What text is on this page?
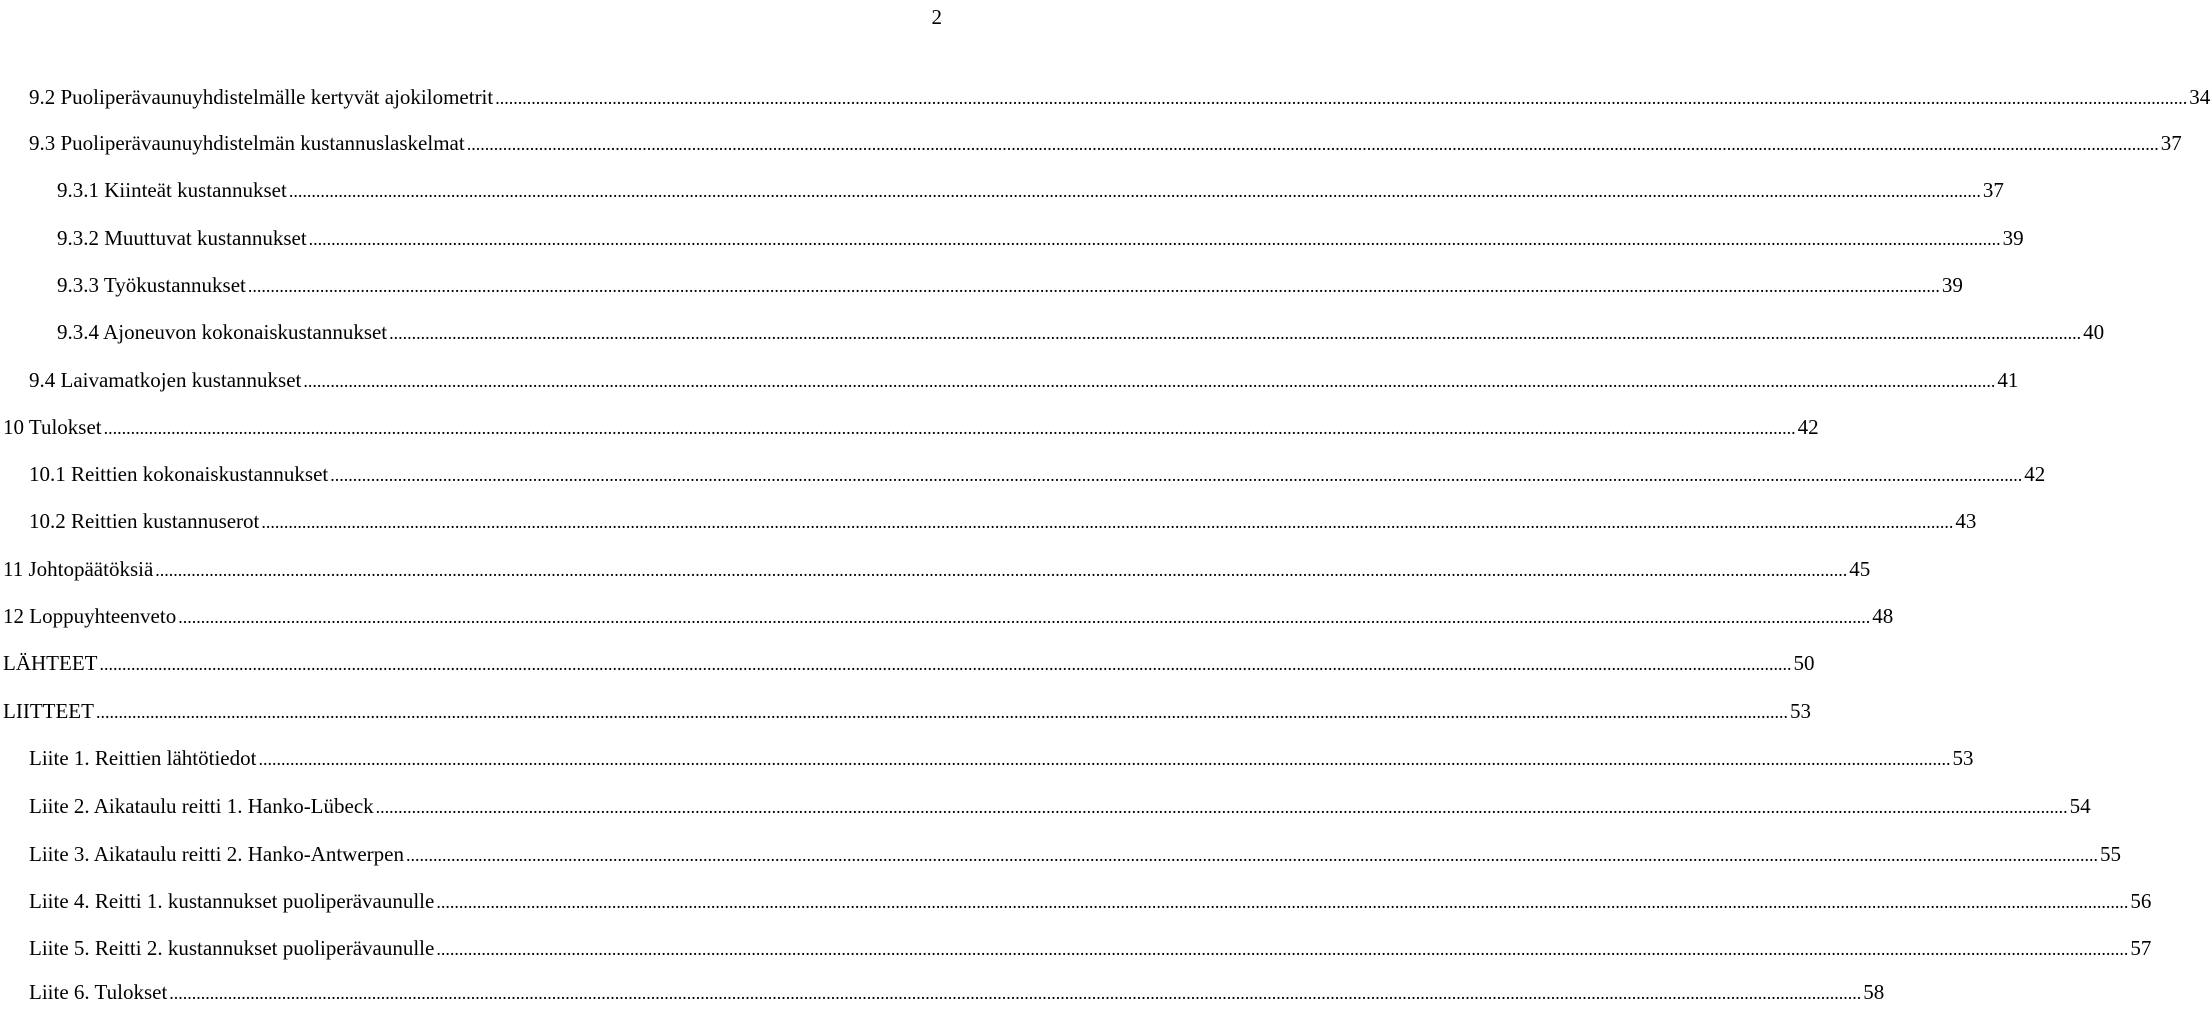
2
9.2 Puoliperävaunuyhdistelmälle kertyvät ajokilometrit .....	34
9.3 Puoliperävaunuyhdistelmän kustannuslaskelmat .....	37
9.3.1 Kiinteät kustannukset .....	37
9.3.2 Muuttuvat kustannukset .....	39
9.3.3 Työkustannukset .....	39
9.3.4 Ajoneuvon kokonaiskustannukset .....	40
9.4 Laivamatkojen kustannukset .....	41
10 Tulokset .....	42
10.1 Reittien kokonaiskustannukset .....	42
10.2 Reittien kustannuserot .....	43
11 Johtopäätöksiä .....	45
12 Loppuyhteenveto .....	48
LÄHTEET .....	50
LIITTEET .....	53
Liite 1. Reittien lähtötiedot .....	53
Liite 2. Aikataulu reitti 1. Hanko-Lübeck .....	54
Liite 3. Aikataulu reitti 2. Hanko-Antwerpen .....	55
Liite 4. Reitti 1. kustannukset puoliperävaunulle .....	56
Liite 5. Reitti 2. kustannukset puoliperävaunulle .....	57
Liite 6. Tulokset .....	58
